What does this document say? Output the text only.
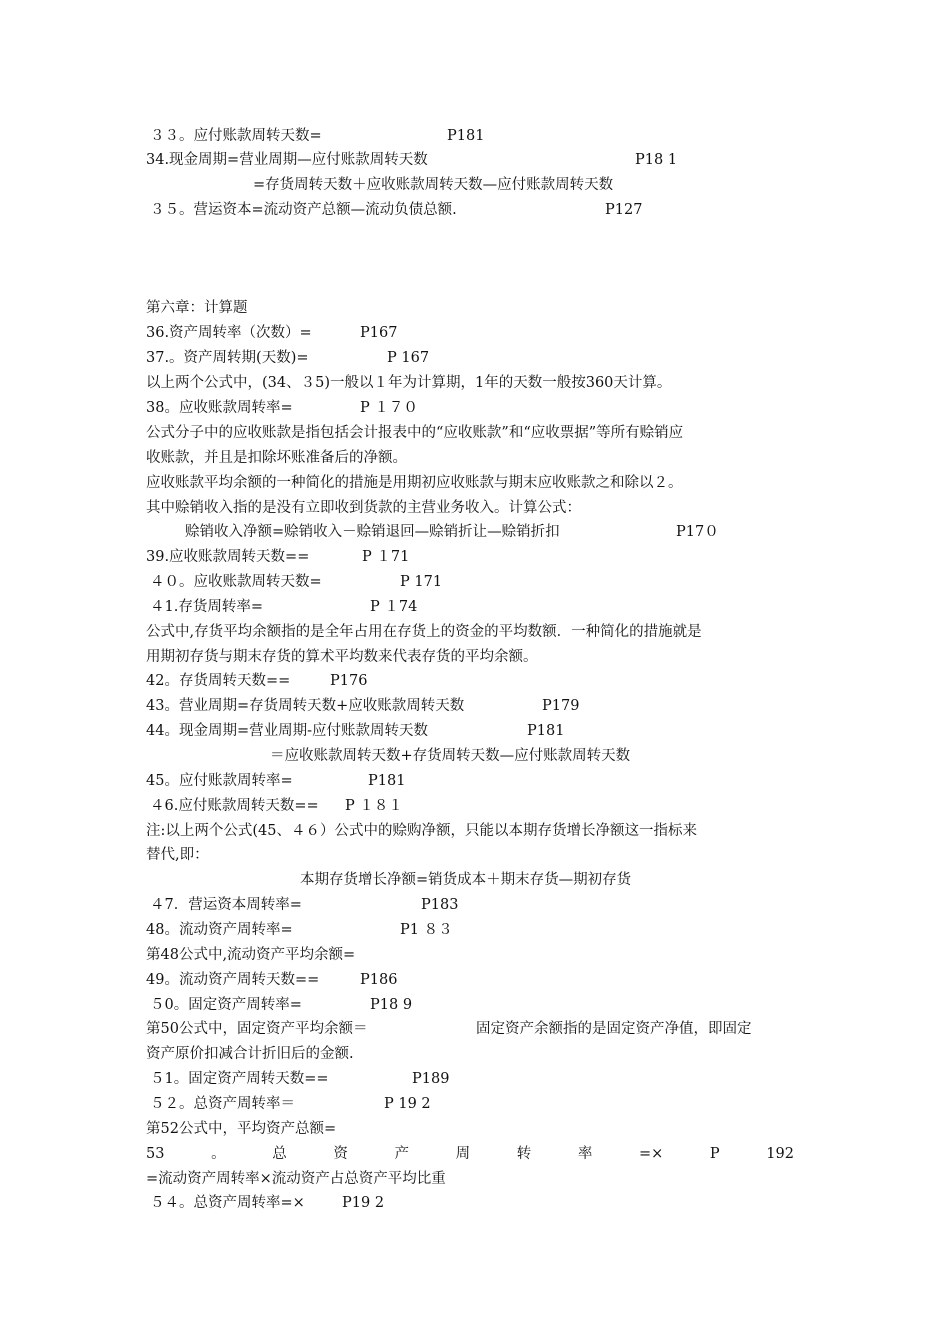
３３。应付账款周转天数=	P181
34.现金周期=营业周期—应付账款周转天数	P18 1
=存货周转天数＋应收账款周转天数—应付账款周转天数
３５。营运资本=流动资产总额—流动负债总额.	P127
第六章：计算题
36.资产周转率（次数）=	P167
37.。资产周转期(天数)=	P 167
以上两个公式中，(34、３5)一般以１年为计算期，1年的天数一般按360天计算。
38。应收账款周转率=	P １７０
公式分子中的应收账款是指包括会计报表中的“应收账款”和“应收票据”等所有赊销应
收账款，并且是扣除坏账准备后的净额。
应收账款平均余额的一种简化的措施是用期初应收账款与期末应收账款之和除以２。
其中赊销收入指的是没有立即收到货款的主营业务收入。计算公式：
赊销收入净额=赊销收入－赊销退回—赊销折让—赊销折扣	P17０
39.应收账款周转天数==	P １71
４０。应收账款周转天数=	P 171
４1.存货周转率=	P １74
公式中,存货平均余额指的是全年占用在存货上的资金的平均数额．一种简化的措施就是
用期初存货与期末存货的算术平均数来代表存货的平均余额。
42。存货周转天数==	P176
43。营业周期=存货周转天数+应收账款周转天数	P179
44。现金周期=营业周期-应付账款周转天数	P181
＝应收账款周转天数+存货周转天数—应付账款周转天数
45。应付账款周转率=	P181
４6.应付账款周转天数== P １８１
注:以上两个公式(45、４６）公式中的赊购净额，只能以本期存货增长净额这一指标来
替代,即：
本期存货增长净额=销货成本＋期末存货—期初存货
４7．营运资本周转率=	P183
48。流动资产周转率=	P1 ８３
第48公式中,流动资产平均余额=
49。流动资产周转天数==	P186
５0。固定资产周转率=	P18 9
第50公式中，固定资产平均余额＝	固定资产余额指的是固定资产净值，即固定
资产原价扣减合计折旧后的金额.
５1。固定资产周转天数==	P189
５２。总资产周转率＝	P 19 2
第52公式中，平均资产总额=
53	。	总	资	产	周	转	率	=×	P	192
=流动资产周转率×流动资产占总资产平均比重
５４。总资产周转率=×	P19 2
